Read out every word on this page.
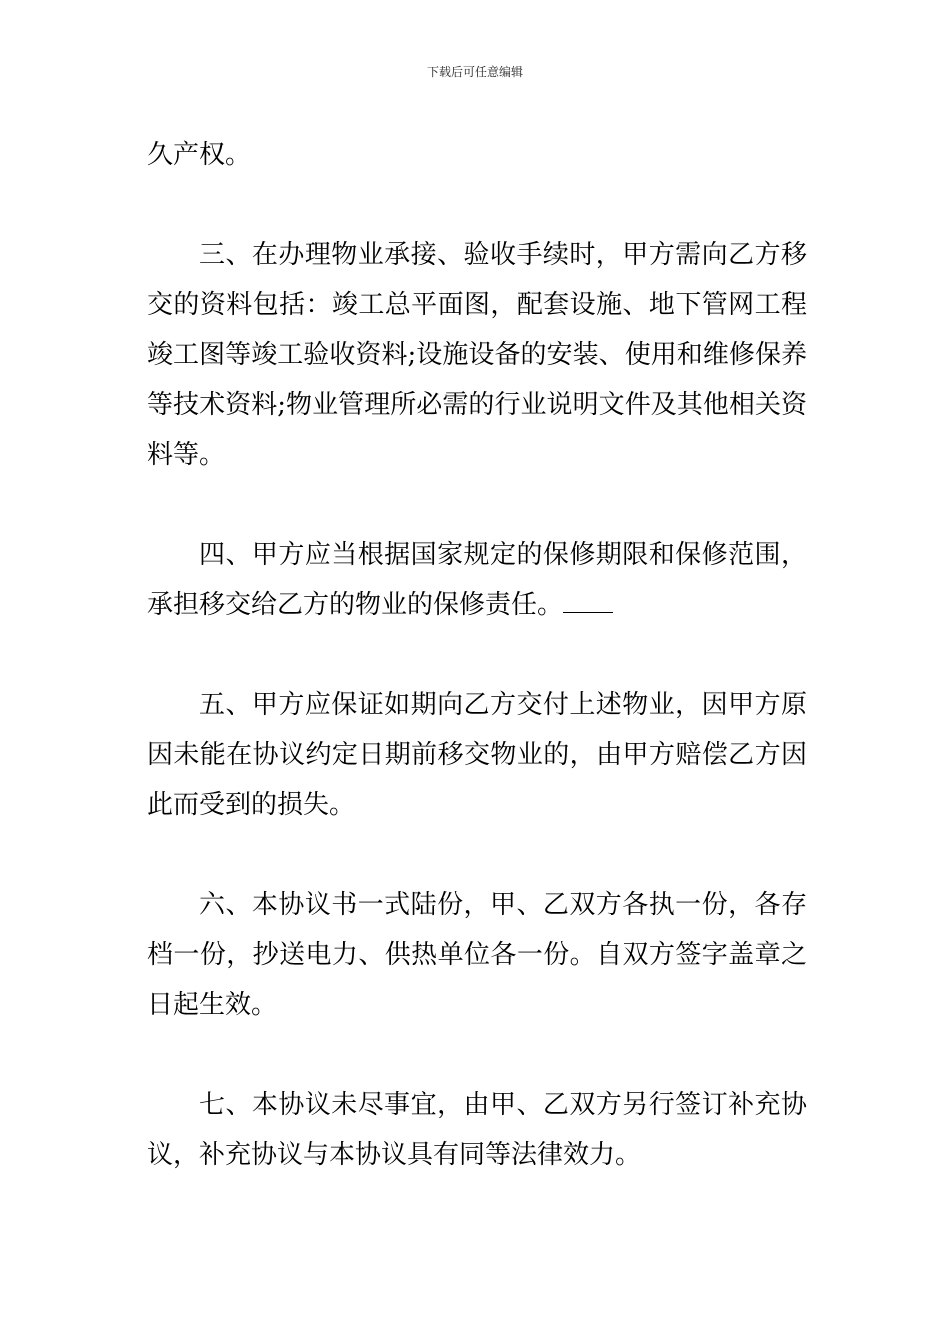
下载后可任意编辑

久产权。

三、在办理物业承接、验收手续时，甲方需向乙方移交的资料包括：竣工总平面图，配套设施、地下管网工程竣工图等竣工验收资料;设施设备的安装、使用和维修保养等技术资料;物业管理所必需的行业说明文件及其他相关资料等。

四、甲方应当根据国家规定的保修期限和保修范围，承担移交给乙方的物业的保修责任。

五、甲方应保证如期向乙方交付上述物业，因甲方原因未能在协议约定日期前移交物业的，由甲方赔偿乙方因此而受到的损失。

六、本协议书一式陆份，甲、乙双方各执一份，各存档一份，抄送电力、供热单位各一份。自双方签字盖章之日起生效。

七、本协议未尽事宜，由甲、乙双方另行签订补充协议，补充协议与本协议具有同等法律效力。
